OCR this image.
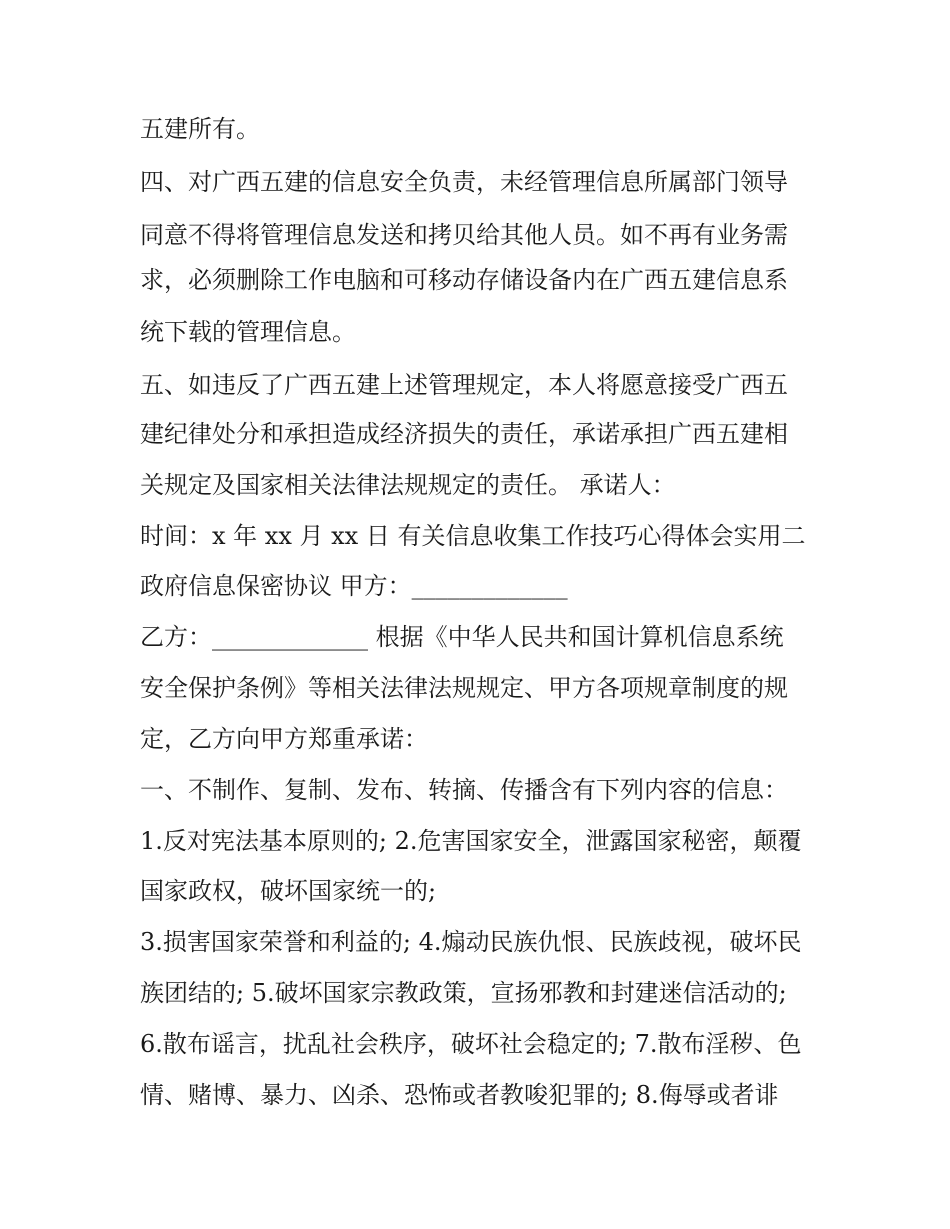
五建所有。
四、对广西五建的信息安全负责，未经管理信息所属部门领导
同意不得将管理信息发送和拷贝给其他人员。如不再有业务需
求，必须删除工作电脑和可移动存储设备内在广西五建信息系
统下载的管理信息。
五、如违反了广西五建上述管理规定，本人将愿意接受广西五
建纪律处分和承担造成经济损失的责任，承诺承担广西五建相
关规定及国家相关法律法规规定的责任。 承诺人：
时间：x 年 xx 月 xx 日 有关信息收集工作技巧心得体会实用二
政府信息保密协议 甲方：_____________
乙方：_____________ 根据《中华人民共和国计算机信息系统
安全保护条例》等相关法律法规规定、甲方各项规章制度的规
定，乙方向甲方郑重承诺：
一、不制作、复制、发布、转摘、传播含有下列内容的信息：
1.反对宪法基本原则的; 2.危害国家安全，泄露国家秘密，颠覆
国家政权，破坏国家统一的;
3.损害国家荣誉和利益的; 4.煽动民族仇恨、民族歧视，破坏民
族团结的; 5.破坏国家宗教政策，宣扬邪教和封建迷信活动的;
6.散布谣言，扰乱社会秩序，破坏社会稳定的; 7.散布淫秽、色
情、赌博、暴力、凶杀、恐怖或者教唆犯罪的; 8.侮辱或者诽
